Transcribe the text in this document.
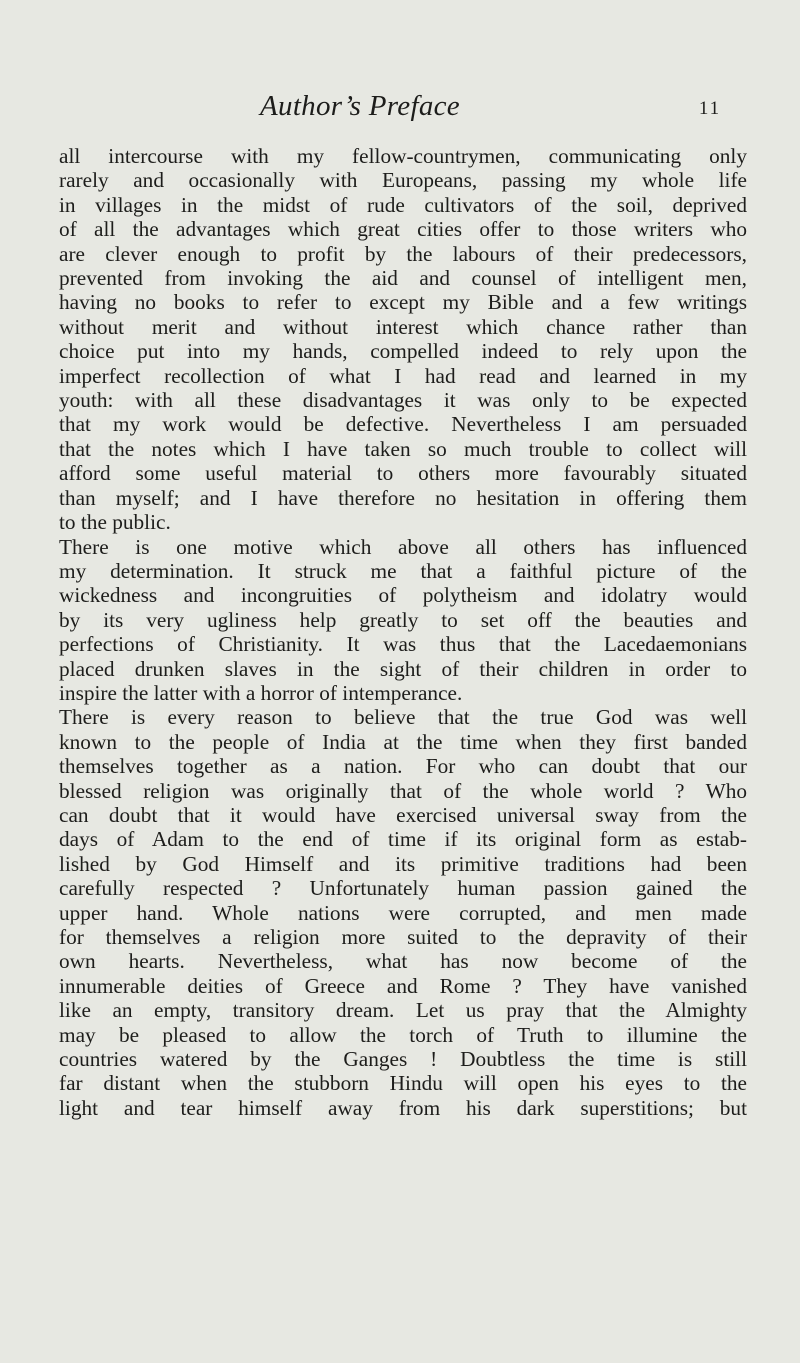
Author’s Preface	11
all intercourse with my fellow-countrymen, communicating only
rarely and occasionally with Europeans, passing my whole life
in villages in the midst of rude cultivators of the soil, deprived
of all the advantages which great cities offer to those writers who
are clever enough to profit by the labours of their predecessors,
prevented from invoking the aid and counsel of intelligent men,
having no books to refer to except my Bible and a few writings
without merit and without interest which chance rather than
choice put into my hands, compelled indeed to rely upon the
imperfect recollection of what I had read and learned in my
youth: with all these disadvantages it was only to be expected
that my work would be defective. Nevertheless I am persuaded
that the notes which I have taken so much trouble to collect will
afford some useful material to others more favourably situated
than myself; and I have therefore no hesitation in offering them
to the public.
There is one motive which above all others has influenced
my determination. It struck me that a faithful picture of the
wickedness and incongruities of polytheism and idolatry would
by its very ugliness help greatly to set off the beauties and
perfections of Christianity. It was thus that the Lacedaemonians
placed drunken slaves in the sight of their children in order to
inspire the latter with a horror of intemperance.
There is every reason to believe that the true God was well
known to the people of India at the time when they first banded
themselves together as a nation. For who can doubt that our
blessed religion was originally that of the whole world ? Who
can doubt that it would have exercised universal sway from the
days of Adam to the end of time if its original form as estab-
lished by God Himself and its primitive traditions had been
carefully respected ? Unfortunately human passion gained the
upper hand. Whole nations were corrupted, and men made
for themselves a religion more suited to the depravity of their
own hearts. Nevertheless, what has now become of the
innumerable deities of Greece and Rome ? They have vanished
like an empty, transitory dream. Let us pray that the Almighty
may be pleased to allow the torch of Truth to illumine the
countries watered by the Ganges ! Doubtless the time is still
far distant when the stubborn Hindu will open his eyes to the
light and tear himself away from his dark superstitions; but
